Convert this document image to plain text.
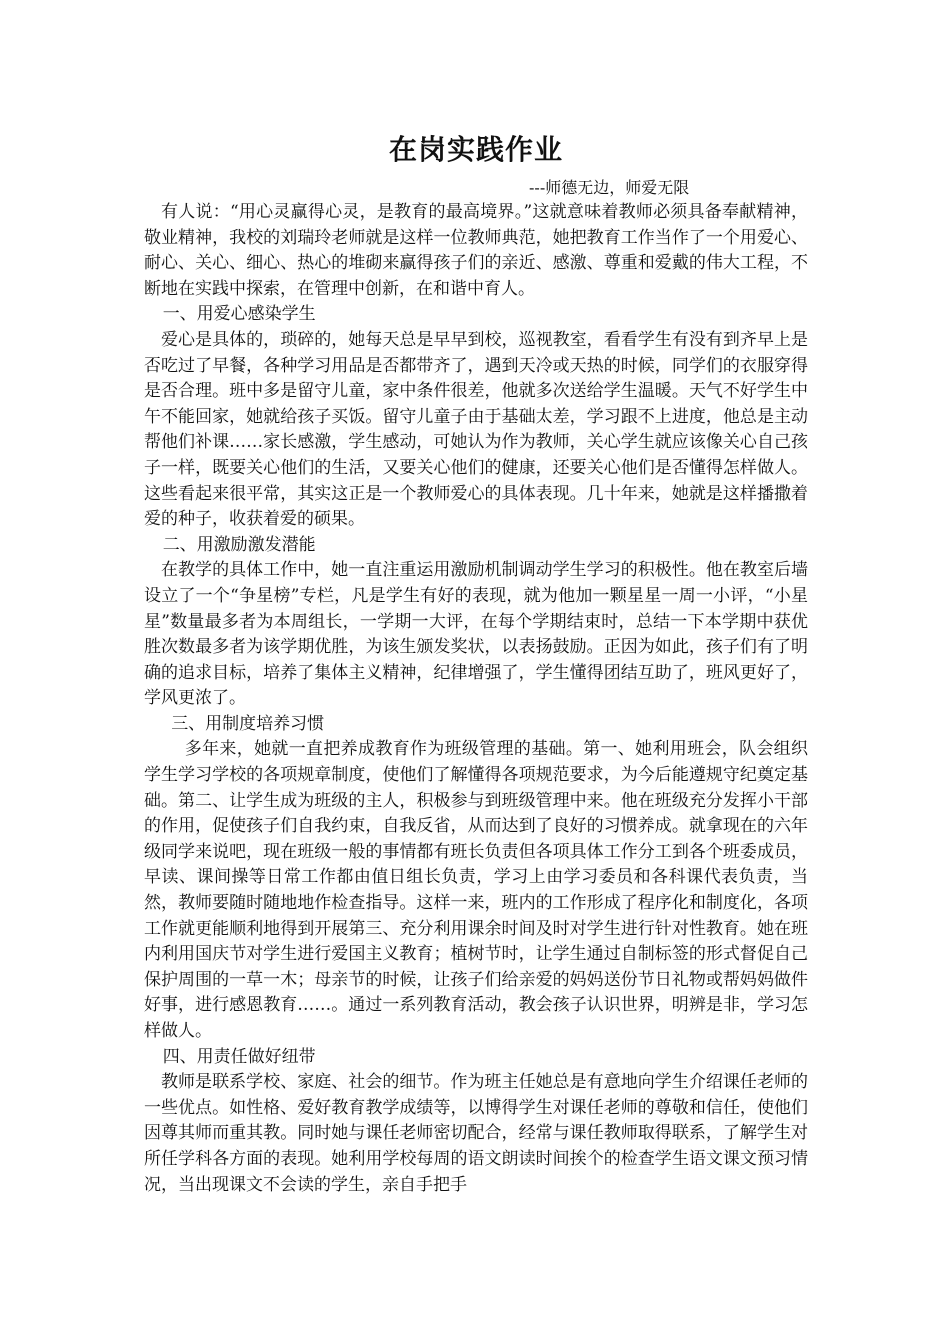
在岗实践作业
---师德无边，师爱无限

有人说：“用心灵赢得心灵，是教育的最高境界。”这就意味着教师必须具备奉献精神，敬业精神，我校的刘瑞玲老师就是这样一位教师典范，她把教育工作当作了一个用爱心、耐心、关心、细心、热心的堆砌来赢得孩子们的亲近、感激、尊重和爱戴的伟大工程，不断地在实践中探索，在管理中创新，在和谐中育人。

一、用爱心感染学生

爱心是具体的，琐碎的，她每天总是早早到校，巡视教室，看看学生有没有到齐早上是否吃过了早餐，各种学习用品是否都带齐了，遇到天冷或天热的时候，同学们的衣服穿得是否合理。班中多是留守儿童，家中条件很差，他就多次送给学生温暖。天气不好学生中午不能回家，她就给孩子买饭。留守儿童子由于基础太差，学习跟不上进度，他总是主动帮他们补课……家长感激，学生感动，可她认为作为教师，关心学生就应该像关心自己孩子一样，既要关心他们的生活，又要关心他们的健康，还要关心他们是否懂得怎样做人。这些看起来很平常，其实这正是一个教师爱心的具体表现。几十年来，她就是这样播撒着爱的种子，收获着爱的硕果。

二、用激励激发潜能

在教学的具体工作中，她一直注重运用激励机制调动学生学习的积极性。他在教室后墙设立了一个“争星榜”专栏，凡是学生有好的表现，就为他加一颗星星一周一小评，“小星星”数量最多者为本周组长，一学期一大评，在每个学期结束时，总结一下本学期中获优胜次数最多者为该学期优胜，为该生颁发奖状，以表扬鼓励。正因为如此，孩子们有了明确的追求目标，培养了集体主义精神，纪律增强了，学生懂得团结互助了，班风更好了，学风更浓了。

三、用制度培养习惯

多年来，她就一直把养成教育作为班级管理的基础。第一、她利用班会，队会组织学生学习学校的各项规章制度，使他们了解懂得各项规范要求，为今后能遵规守纪奠定基础。第二、让学生成为班级的主人，积极参与到班级管理中来。他在班级充分发挥小干部的作用，促使孩子们自我约束，自我反省，从而达到了良好的习惯养成。就拿现在的六年级同学来说吧，现在班级一般的事情都有班长负责但各项具体工作分工到各个班委成员，早读、课间操等日常工作都由值日组长负责，学习上由学习委员和各科课代表负责，当然，教师要随时随地地作检查指导。这样一来，班内的工作形成了程序化和制度化，各项工作就更能顺利地得到开展第三、充分利用课余时间及时对学生进行针对性教育。她在班内利用国庆节对学生进行爱国主义教育；植树节时，让学生通过自制标签的形式督促自己保护周围的一草一木；母亲节的时候，让孩子们给亲爱的妈妈送份节日礼物或帮妈妈做件好事，进行感恩教育……。通过一系列教育活动，教会孩子认识世界，明辨是非，学习怎样做人。

四、用责任做好纽带

教师是联系学校、家庭、社会的细节。作为班主任她总是有意地向学生介绍课任老师的一些优点。如性格、爱好教育教学成绩等，以博得学生对课任老师的尊敬和信任，使他们因尊其师而重其教。同时她与课任老师密切配合，经常与课任教师取得联系，了解学生对所任学科各方面的表现。她利用学校每周的语文朗读时间挨个的检查学生语文课文预习情况，当出现课文不会读的学生，亲自手把手
